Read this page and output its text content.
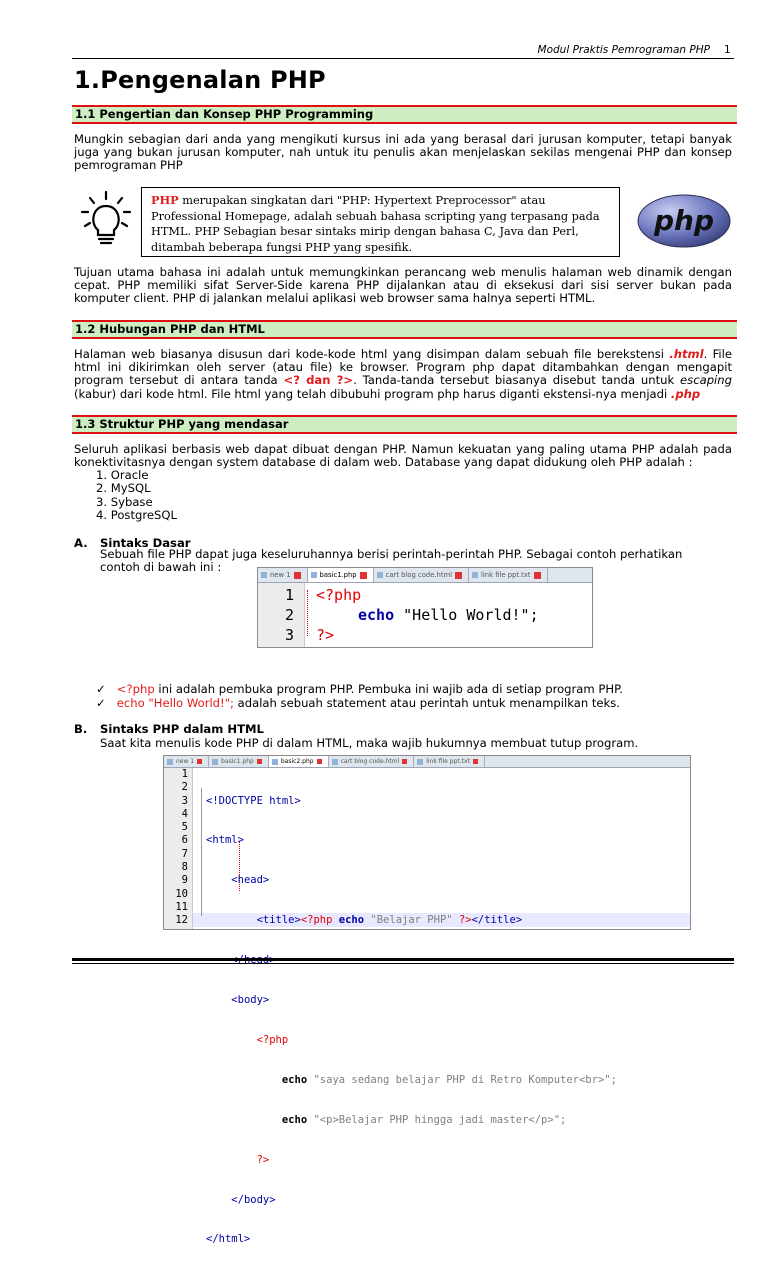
Modul Praktis Pemrograman PHP 1
1.Pengenalan PHP
1.1 Pengertian dan Konsep PHP Programming
Mungkin sebagian dari anda yang mengikuti kursus ini ada yang berasal dari jurusan komputer, tetapi banyak juga yang bukan jurusan komputer, nah untuk itu penulis akan menjelaskan sekilas mengenai PHP dan konsep pemrograman PHP
PHP merupakan singkatan dari "PHP: Hypertext Preprocessor" atau Professional Homepage, adalah sebuah bahasa scripting yang terpasang pada HTML. PHP Sebagian besar sintaks mirip dengan bahasa C, Java dan Perl, ditambah beberapa fungsi PHP yang spesifik.
php
Tujuan utama bahasa ini adalah untuk memungkinkan perancang web menulis halaman web dinamik dengan cepat. PHP memiliki sifat Server-Side karena PHP dijalankan atau di eksekusi dari sisi server bukan pada komputer client. PHP di jalankan melalui aplikasi web browser sama halnya seperti HTML.
1.2 Hubungan PHP dan HTML
Halaman web biasanya disusun dari kode-kode html yang disimpan dalam sebuah file berekstensi .html. File html ini dikirimkan oleh server (atau file) ke browser. Program php dapat ditambahkan dengan mengapit program tersebut di antara tanda <? dan ?>. Tanda-tanda tersebut biasanya disebut tanda untuk escaping (kabur) dari kode html. File html yang telah dibubuhi program php harus diganti ekstensi-nya menjadi .php
1.3 Struktur PHP yang mendasar
Seluruh aplikasi berbasis web dapat dibuat dengan PHP. Namun kekuatan yang paling utama PHP adalah pada konektivitasnya dengan system database di dalam web. Database yang dapat didukung oleh PHP adalah :
1. Oracle
2. MySQL
3. Sybase
4. PostgreSQL
A. Sintaks Dasar
Sebuah file PHP dapat juga keseluruhannya berisi perintah-perintah PHP. Sebagai contoh perhatikan
contoh di bawah ini :
new 1	basic1.php	cart blog code.html	link file ppt.txt
1
2
3
<?php
echo "Hello World!";
?>
✓ <?php ini adalah pembuka program PHP. Pembuka ini wajib ada di setiap program PHP.
✓ echo "Hello World!"; adalah sebuah statement atau perintah untuk menampilkan teks.
B. Sintaks PHP dalam HTML
Saat kita menulis kode PHP di dalam HTML, maka wajib hukumnya membuat tutup program.
new 1	basic1.php	basic2.php	cart blog code.html	link file ppt.txt
1
2
3
4
5
6
7
8
9
10
11
12

<!DOCTYPE html>

<html>

<head>

<title><?php echo "Belajar PHP" ?></title>

</head>

<body>

<?php

echo "saya sedang belajar PHP di Retro Komputer<br>";

echo "<p>Belajar PHP hingga jadi master</p>";

?>

</body>

</html>
